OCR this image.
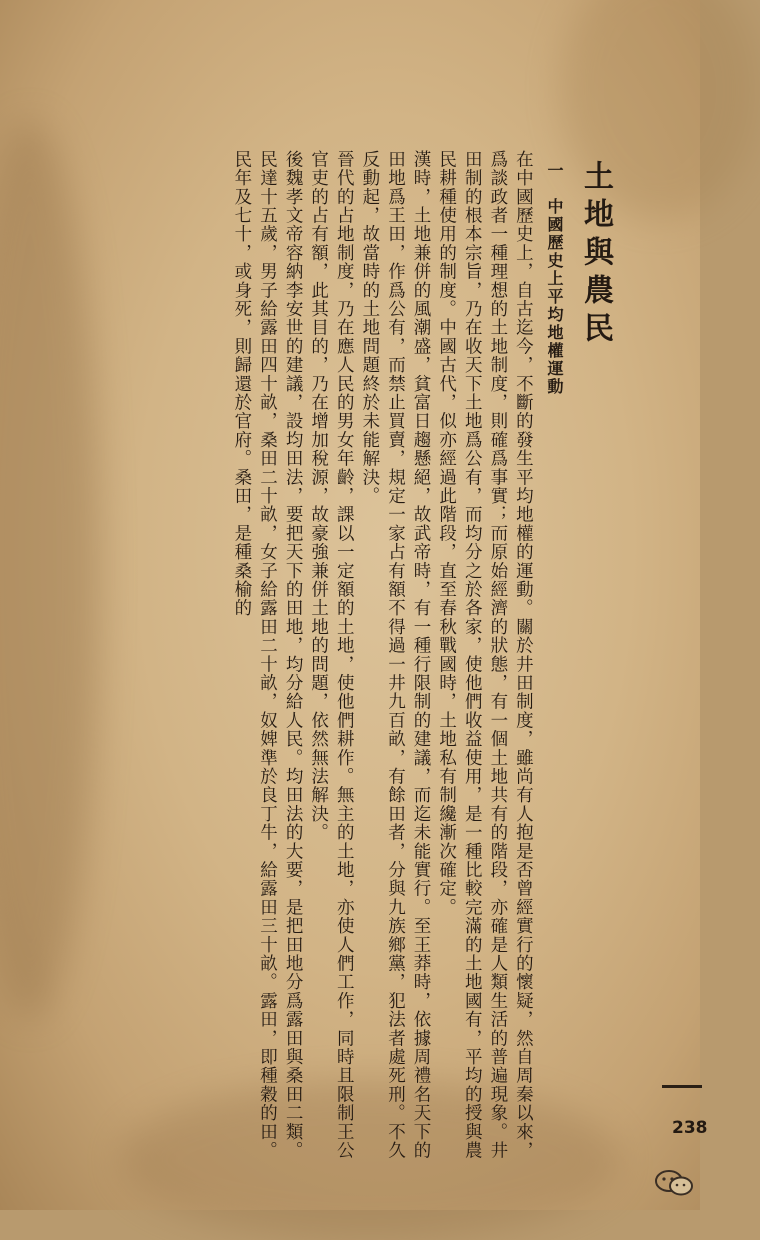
土地與農民
一　中國歷史上平均地權運動

在中國歷史上，自古迄今，不斷的發生平均地權的運動。關於井田制度，雖尚有人抱是否曾經實行的懷疑，然自周秦以來，爲談政者一種理想的土地制度，則確爲事實；而原始經濟的狀態，有一個土地共有的階段，亦確是人類生活的普遍現象。井田制的根本宗旨，乃在收天下土地爲公有，而均分之於各家，使他們收益使用，是一種比較完滿的土地國有，平均的授與農民耕種使用的制度。中國古代，似亦經過此階段，直至春秋戰國時，土地私有制纔漸次確定。

漢時，土地兼併的風潮盛，貧富日趨懸絕，故武帝時，有一種行限制的建議，而迄未能實行。至王莽時，依據周禮名天下的田地爲王田，作爲公有，而禁止買賣，規定一家占有額不得過一井九百畝，有餘田者，分與九族鄉黨，犯法者處死刑。不久反動起，故當時的土地問題終於未能解決。

晉代的占地制度，乃在應人民的男女年齡，課以一定額的土地，使他們耕作。無主的土地，亦使人們工作，同時且限制王公官吏的占有額，此其目的，乃在增加稅源，故豪強兼併土地的問題，依然無法解決。

後魏孝文帝容納李安世的建議，設均田法，要把天下的田地，均分給人民。均田法的大要，是把田地分爲露田與桑田二類。民達十五歲，男子給露田四十畝，桑田二十畝，女子給露田二十畝，奴婢準於良丁牛，給露田三十畝。露田，即種穀的田。民年及七十，或身死，則歸還於官府。桑田，是種桑榆的

238
